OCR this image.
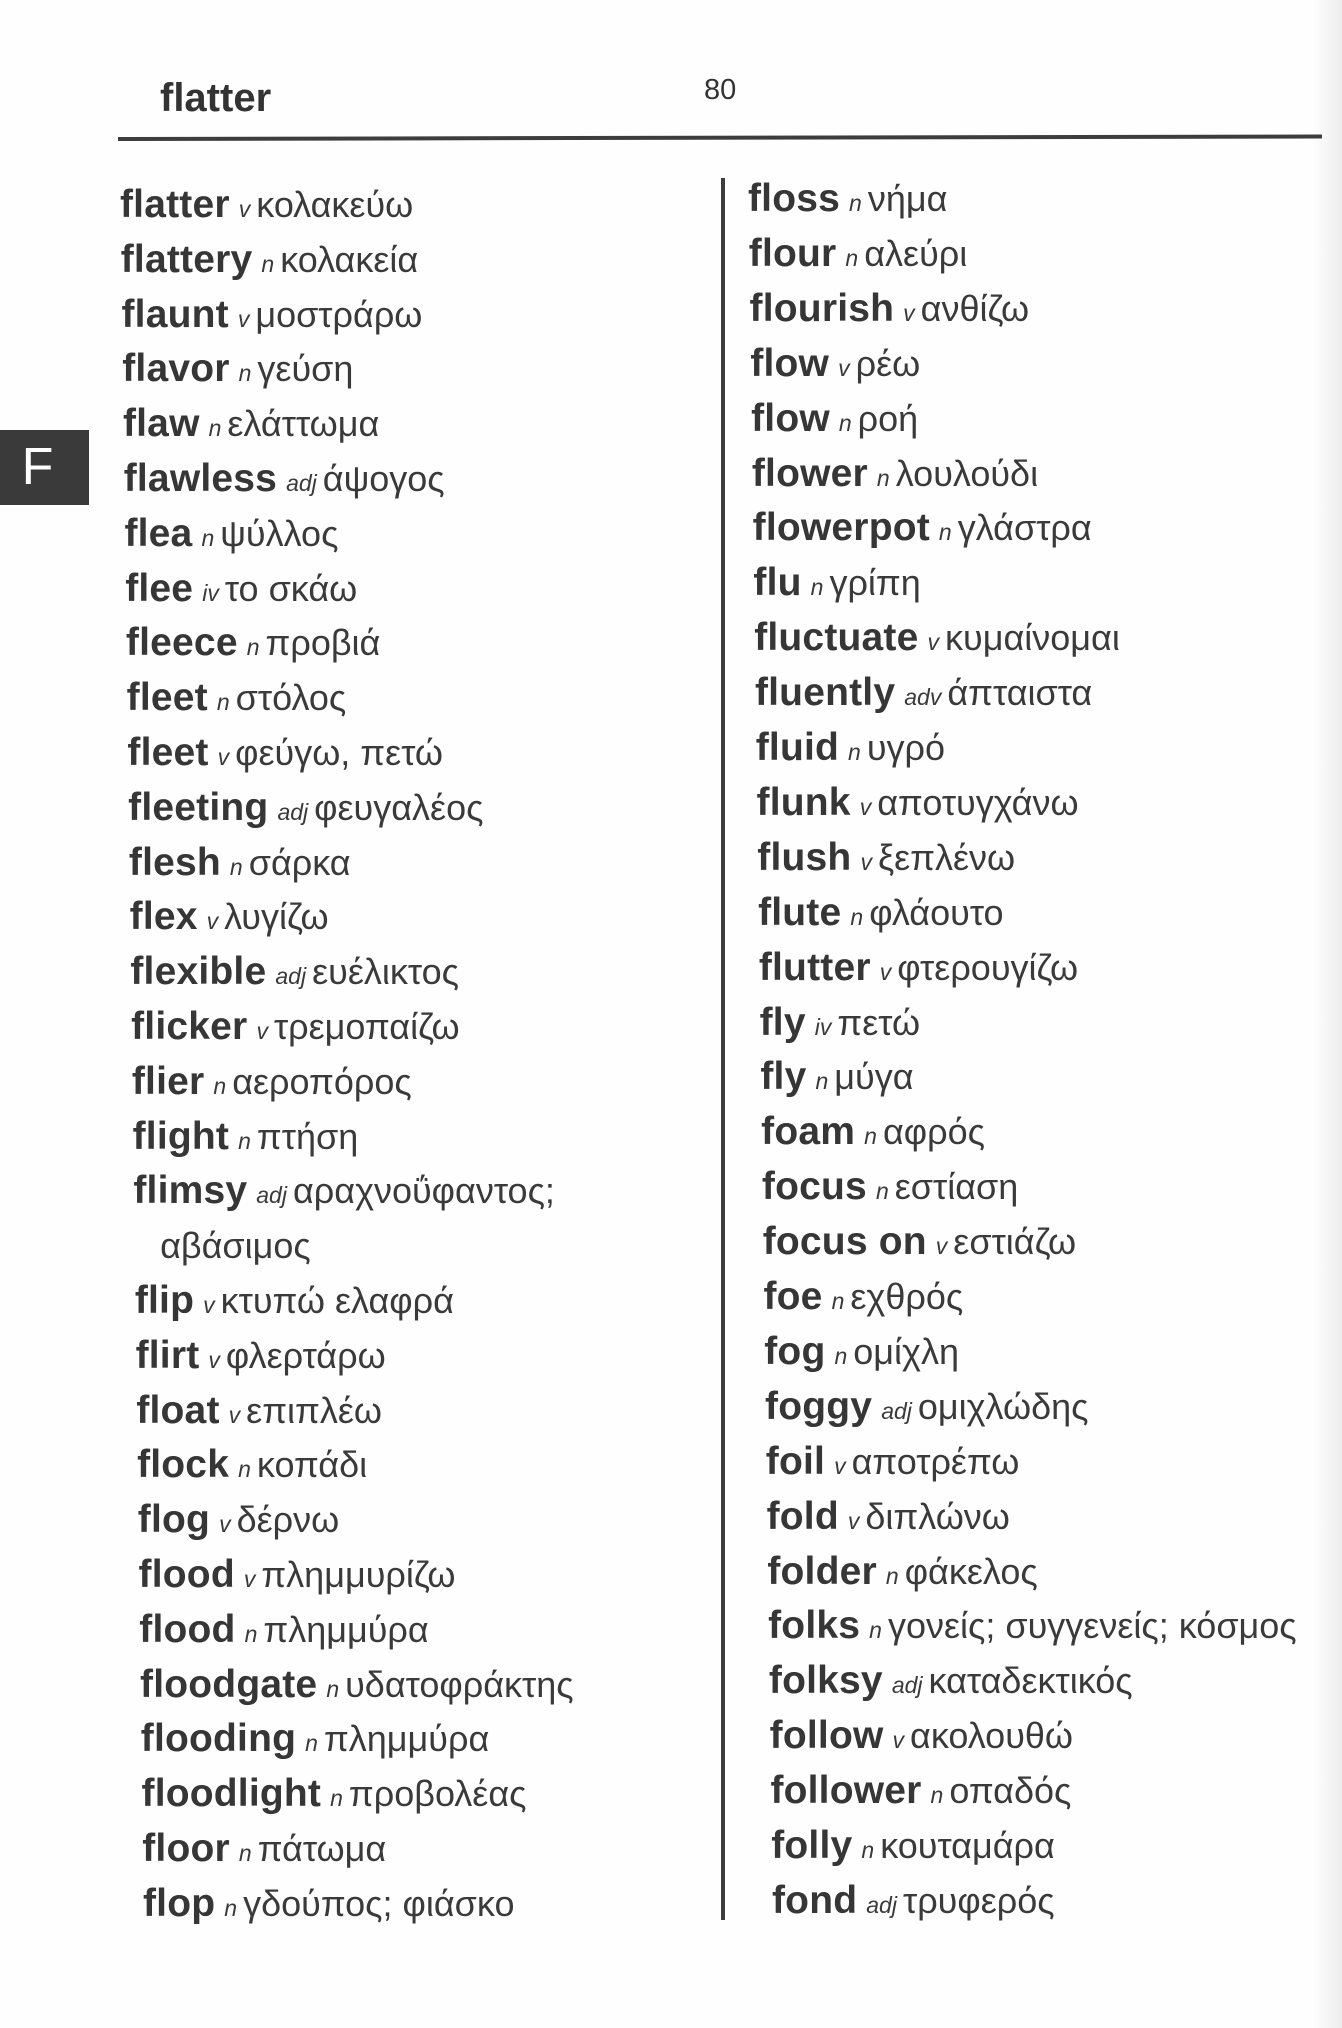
flatter	80
F
flatter v κολακεύω
flattery n κολακεία
flaunt v μοστράρω
flavor n γεύση
flaw n ελάττωμα
flawless adj άψογος
flea n ψύλλος
flee iv το σκάω
fleece n προβιά
fleet n στόλος
fleet v φεύγω, πετώ
fleeting adj φευγαλέος
flesh n σάρκα
flex v λυγίζω
flexible adj ευέλικτος
flicker v τρεμοπαίζω
flier n αεροπόρος
flight n πτήση
flimsy adj αραχνοΰφαντος;
αβάσιμος
flip v κτυπώ ελαφρά
flirt v φλερτάρω
float v επιπλέω
flock n κοπάδι
flog v δέρνω
flood v πλημμυρίζω
flood n πλημμύρα
floodgate n υδατοφράκτης
flooding n πλημμύρα
floodlight n προβολέας
floor n πάτωμα
flop n γδούπος; φιάσκο
floss n νήμα
flour n αλεύρι
flourish v ανθίζω
flow v ρέω
flow n ροή
flower n λουλούδι
flowerpot n γλάστρα
flu n γρίπη
fluctuate v κυμαίνομαι
fluently adv άπταιστα
fluid n υγρό
flunk v αποτυγχάνω
flush v ξεπλένω
flute n φλάουτο
flutter v φτερουγίζω
fly iv πετώ
fly n μύγα
foam n αφρός
focus n εστίαση
focus on v εστιάζω
foe n εχθρός
fog n ομίχλη
foggy adj ομιχλώδης
foil v αποτρέπω
fold v διπλώνω
folder n φάκελος
folks n γονείς; συγγενείς; κόσμος
folksy adj καταδεκτικός
follow v ακολουθώ
follower n οπαδός
folly n κουταμάρα
fond adj τρυφερός
